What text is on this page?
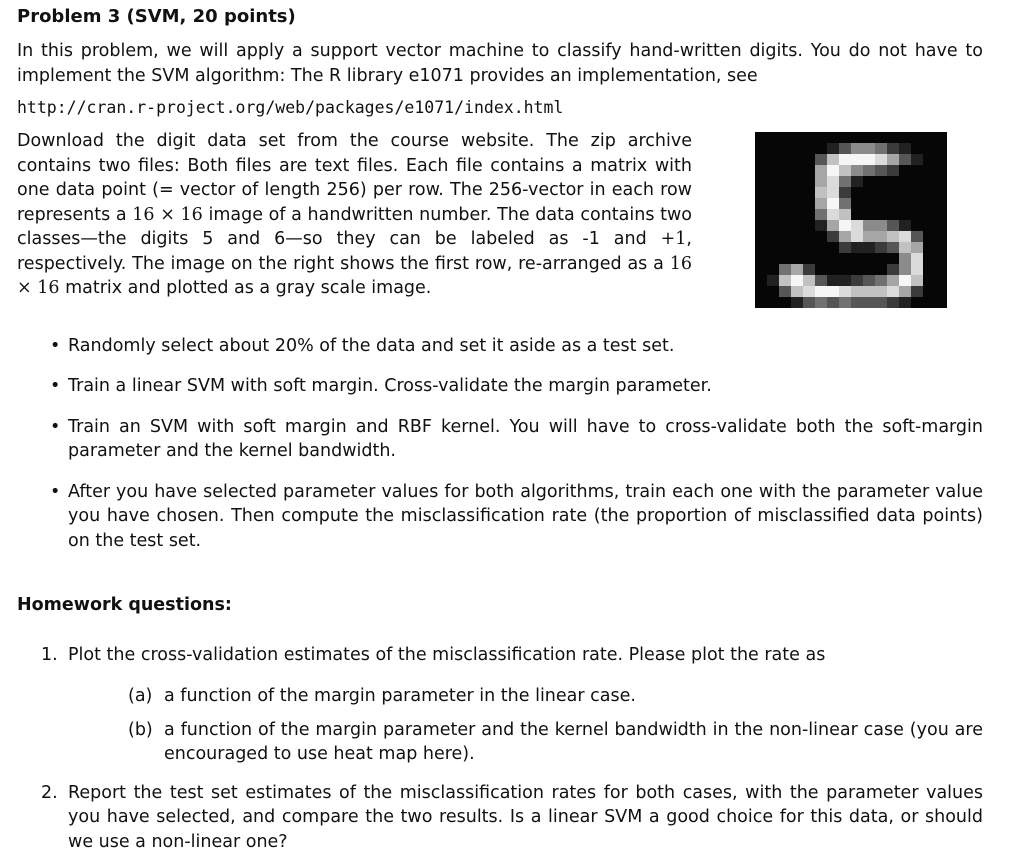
Problem 3 (SVM, 20 points)

In this problem, we will apply a support vector machine to classify hand-written digits. You do not have to implement the SVM algorithm: The R library e1071 provides an implementation, see

http://cran.r-project.org/web/packages/e1071/index.html

Download the digit data set from the course website. The zip archive contains two files: Both files are text files. Each file contains a matrix with one data point (= vector of length 256) per row. The 256-vector in each row represents a 16 × 16 image of a handwritten number. The data contains two classes—the digits 5 and 6—so they can be labeled as -1 and +1, respectively. The image on the right shows the first row, re-arranged as a 16 × 16 matrix and plotted as a gray scale image.

• Randomly select about 20% of the data and set it aside as a test set.
• Train a linear SVM with soft margin. Cross-validate the margin parameter.
• Train an SVM with soft margin and RBF kernel. You will have to cross-validate both the soft-margin parameter and the kernel bandwidth.
• After you have selected parameter values for both algorithms, train each one with the parameter value you have chosen. Then compute the misclassification rate (the proportion of misclassified data points) on the test set.
Homework questions:
1. Plot the cross-validation estimates of the misclassification rate. Please plot the rate as
(a) a function of the margin parameter in the linear case.
(b) a function of the margin parameter and the kernel bandwidth in the non-linear case (you are encouraged to use heat map here).
2. Report the test set estimates of the misclassification rates for both cases, with the parameter values you have selected, and compare the two results. Is a linear SVM a good choice for this data, or should we use a non-linear one?
